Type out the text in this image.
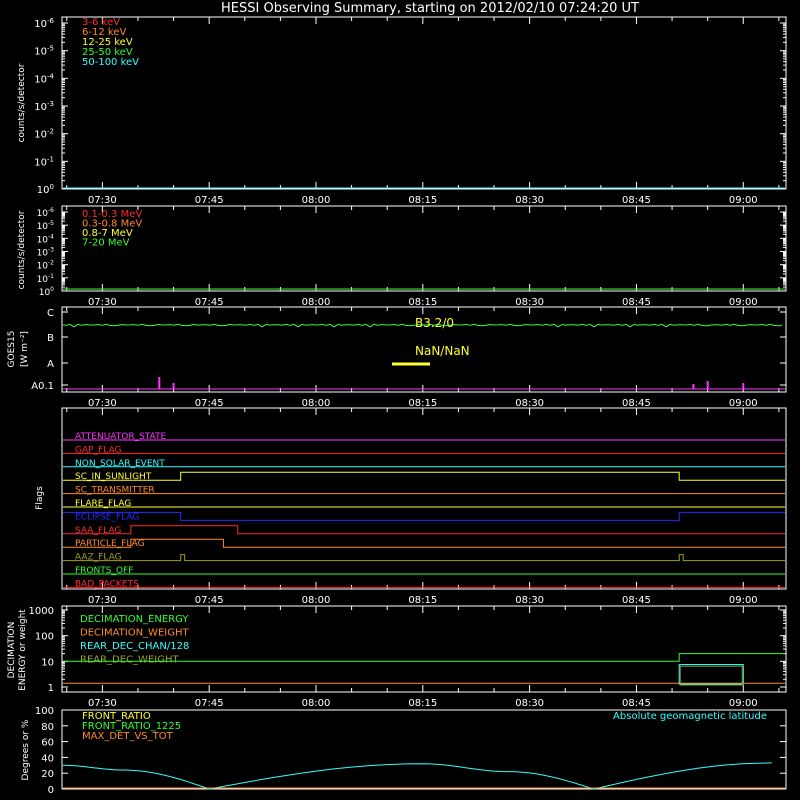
HESSI Observing Summary, starting on 2012/02/10 07:24:20 UT
07:30	07:45	08:00	08:15	08:30	08:45	09:00
$10^0$
$10^{-1}$
$10^{-2}$
$10^{-3}$
$10^{-4}$
$10^{-5}$
$10^{-6}$
counts/s/detector
3-6 keV
6-12 keV
12-25 keV
25-50 keV
50-100 keV
07:30	07:45	08:00	08:15	08:30	08:45	09:00
$10^0$
$10^{-1}$
$10^{-2}$
$10^{-3}$
$10^{-4}$
$10^{-5}$
$10^{-6}$
counts/s/detector	0.1-0.3 MeV
0.3-0.8 MeV
0.8-7 MeV
7-20 MeV
07:30	07:45	08:00	08:15	08:30	08:45	09:00
A0.1
A
B
C
GOES15 [W m⁻²]
B3.2/0
NaN/NaN
07:30	07:45	08:00	08:15	08:30	08:45	09:00
Flags
ATTENUATOR_STATE
GAP_FLAG
NON_SOLAR_EVENT
SC_IN_SUNLIGHT
SC_TRANSMITTER
FLARE_FLAG
ECLIPSE_FLAG
SAA_FLAG
PARTICLE_FLAG
AAZ_FLAG
FRONTS_OFF
BAD_PACKETS
07:30	07:45	08:00	08:15	08:30	08:45	09:00
1
10
100
1000
DECIMATION ENERGY or weight	DECIMATION_ENERGY
DECIMATION_WEIGHT
REAR_DEC_CHAN/128
REAR_DEC_WEIGHT
0
20
40
60
80
100
Degrees or %
FRONT_RATIO
FRONT_RATIO_1225
MAX_DET_VS_TOT
Absolute geomagnetic latitude
